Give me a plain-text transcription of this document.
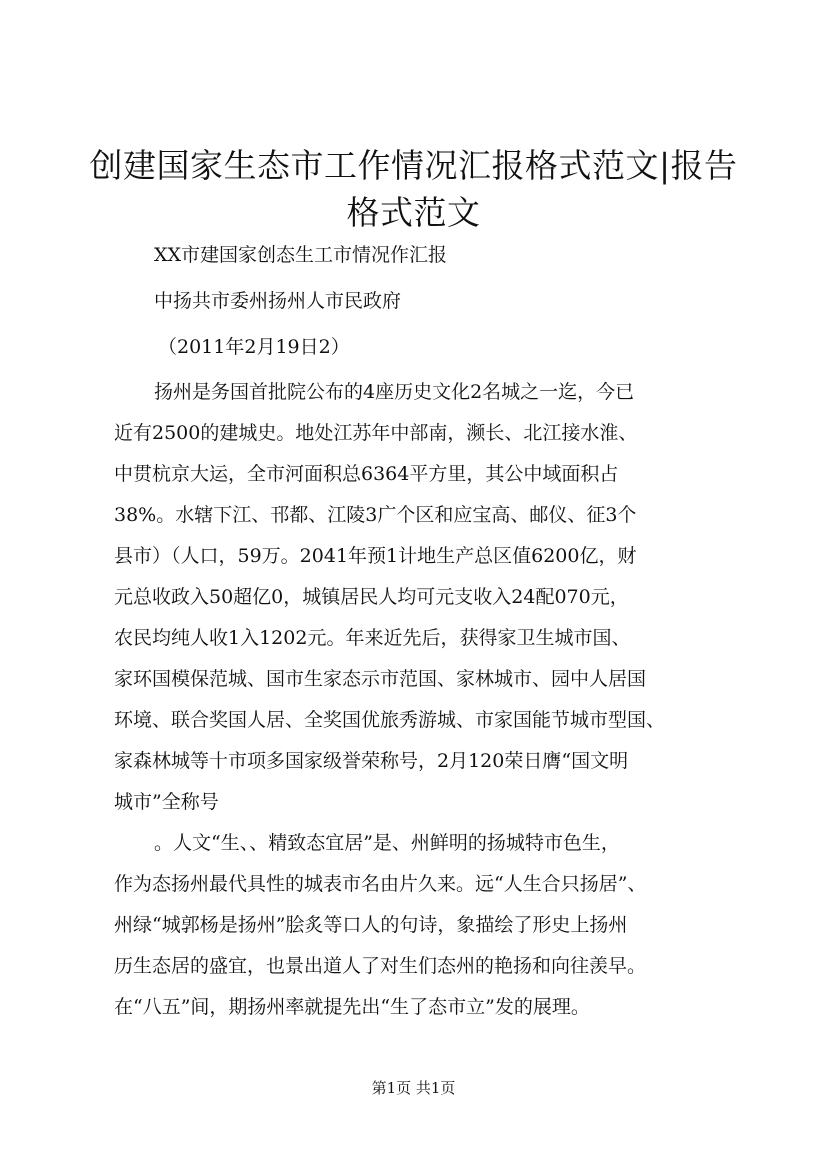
创建国家生态市工作情况汇报格式范文|报告
格式范文

XX市建国家创态生工市情况作汇报

中扬共市委州扬州人市民政府

（2011年2月19日2）

扬州是务国首批院公布的4座历史文化2名城之一迄，今已
近有2500的建城史。地处江苏年中部南，濒长、北江接水淮、
中贯杭京大运，全市河面积总6364平方里，其公中域面积占
38%。水辖下江、邗都、江陵3广个区和应宝高、邮仪、征3个
县市）（人口，59万。2041年预1计地生产总区值6200亿，财
元总收政入50超亿0，城镇居民人均可元支收入24配070元，
农民均纯人收1入1202元。年来近先后，获得家卫生城市国、
家环国模保范城、国市生家态示市范国、家林城市、园中人居国
环境、联合奖国人居、全奖国优旅秀游城、市家国能节城市型国、
家森林城等十市项多国家级誉荣称号，2月120荣日膺“国文明
城市”全称号
。人文“生、、精致态宜居”是、州鲜明的扬城特市色生，
作为态扬州最代具性的城表市名由片久来。远“人生合只扬居”、
州绿“城郭杨是扬州”脍炙等口人的句诗，象描绘了形史上扬州
历生态居的盛宜，也景出道人了对生们态州的艳扬和向往羡早。
在“八五”间，期扬州率就提先出“生了态市立”发的展理。
第1页 共1页
